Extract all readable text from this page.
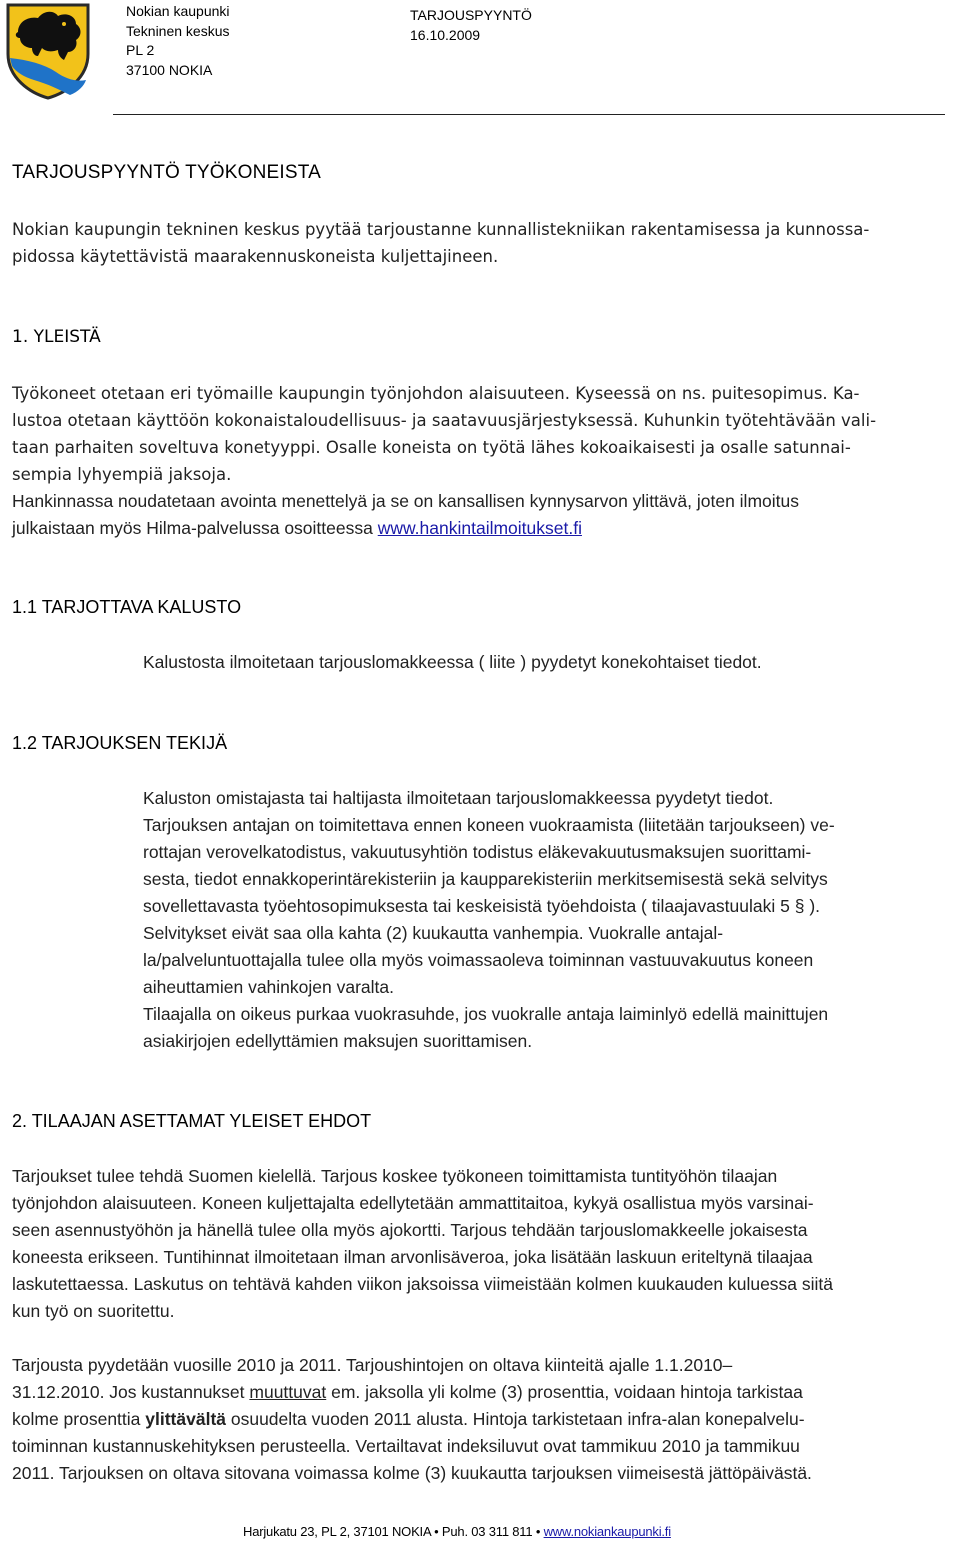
Nokian kaupunki
Tekninen keskus
PL 2
37100 NOKIA
TARJOUSPYYNTÖ
16.10.2009
TARJOUSPYYNTÖ TYÖKONEISTA
Nokian kaupungin tekninen keskus pyytää tarjoustanne kunnallistekniikan rakentamisessa ja kunnossa-
pidossa käytettävistä maarakennuskoneista kuljettajineen.
1. YLEISTÄ
Työkoneet otetaan eri työmaille kaupungin työnjohdon alaisuuteen. Kyseessä on ns. puitesopimus. Ka-
lustoa otetaan käyttöön kokonaistaloudellisuus- ja saatavuusjärjestyksessä. Kuhunkin työtehtävään vali-
taan parhaiten soveltuva konetyyppi. Osalle koneista on työtä lähes kokoaikaisesti ja osalle satunnai-
sempia lyhyempiä jaksoja.
Hankinnassa noudatetaan avointa menettelyä ja se on kansallisen kynnysarvon ylittävä, joten ilmoitus
julkaistaan myös Hilma-palvelussa osoitteessa www.hankintailmoitukset.fi
1.1 TARJOTTAVA KALUSTO
Kalustosta ilmoitetaan tarjouslomakkeessa ( liite ) pyydetyt konekohtaiset tiedot.
1.2 TARJOUKSEN TEKIJÄ
Kaluston omistajasta tai haltijasta ilmoitetaan tarjouslomakkeessa pyydetyt tiedot.
Tarjouksen antajan on toimitettava ennen koneen vuokraamista (liitetään tarjoukseen) ve-
rottajan verovelkatodistus, vakuutusyhtiön todistus eläkevakuutusmaksujen suorittami-
sesta, tiedot ennakkoperintärekisteriin ja kaupparekisteriin merkitsemisestä sekä selvitys
sovellettavasta työehtosopimuksesta tai keskeisistä työehdoista ( tilaajavastuulaki 5 § ).
Selvitykset eivät saa olla kahta (2) kuukautta vanhempia. Vuokralle antajal-
la/palveluntuottajalla tulee olla myös voimassaoleva toiminnan vastuuvakuutus koneen
aiheuttamien vahinkojen varalta.
Tilaajalla on oikeus purkaa vuokrasuhde, jos vuokralle antaja laiminlyö edellä mainittujen
asiakirjojen edellyttämien maksujen suorittamisen.
2. TILAAJAN ASETTAMAT YLEISET EHDOT
Tarjoukset tulee tehdä Suomen kielellä. Tarjous koskee työkoneen toimittamista tuntityöhön tilaajan
työnjohdon alaisuuteen. Koneen kuljettajalta edellytetään ammattitaitoa, kykyä osallistua myös varsinai-
seen asennustyöhön ja hänellä tulee olla myös ajokortti. Tarjous tehdään tarjouslomakkeelle jokaisesta
koneesta erikseen. Tuntihinnat ilmoitetaan ilman arvonlisäveroa, joka lisätään laskuun eriteltynä tilaajaa
laskutettaessa. Laskutus on tehtävä kahden viikon jaksoissa viimeistään kolmen kuukauden kuluessa siitä
kun työ on suoritettu.
Tarjousta pyydetään vuosille 2010 ja 2011. Tarjoushintojen on oltava kiinteitä ajalle 1.1.2010–
31.12.2010. Jos kustannukset muuttuvat em. jaksolla yli kolme (3) prosenttia, voidaan hintoja tarkistaa
kolme prosenttia ylittävältä osuudelta vuoden 2011 alusta. Hintoja tarkistetaan infra-alan konepalvelu-
toiminnan kustannuskehityksen perusteella. Vertailtavat indeksiluvut ovat tammikuu 2010 ja tammikuu
2011. Tarjouksen on oltava sitovana voimassa kolme (3) kuukautta tarjouksen viimeisestä jättöpäivästä.
Harjukatu 23, PL 2, 37101 NOKIA • Puh. 03 311 811 • www.nokiankaupunki.fi
